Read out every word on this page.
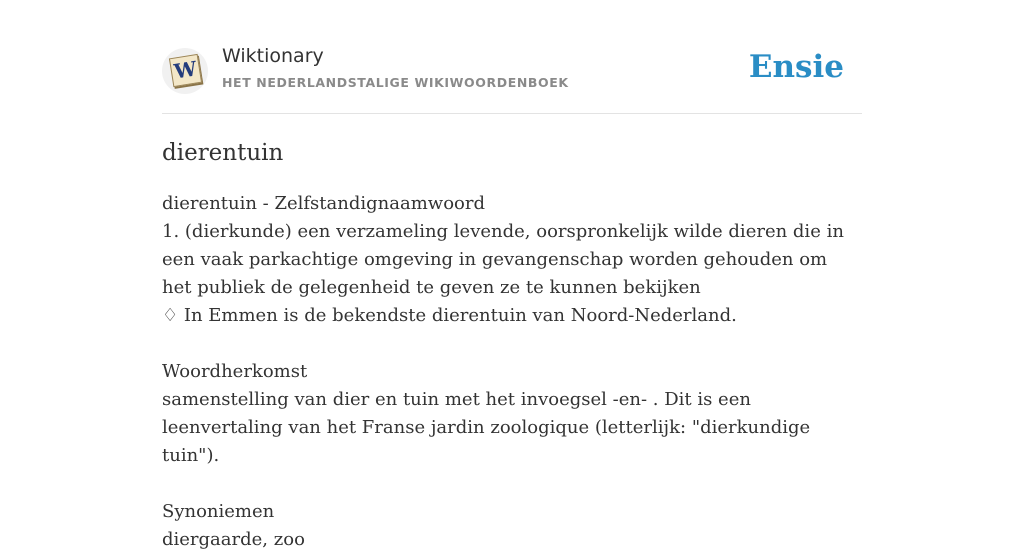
W
Wiktionary
HET NEDERLANDSTALIGE WIKIWOORDENBOEK	Ensie
dierentuin
dierentuin - Zelfstandignaamwoord
1. (dierkunde) een verzameling levende, oorspronkelijk wilde dieren die in een vaak parkachtige omgeving in gevangenschap worden gehouden om het publiek de gelegenheid te geven ze te kunnen bekijken
♢ In Emmen is de bekendste dierentuin van Noord-Nederland.
Woordherkomst
samenstelling van dier en tuin met het invoegsel -en- . Dit is een leenvertaling van het Franse jardin zoologique (letterlijk: "dierkundige tuin").
Synoniemen
diergaarde, zoo
